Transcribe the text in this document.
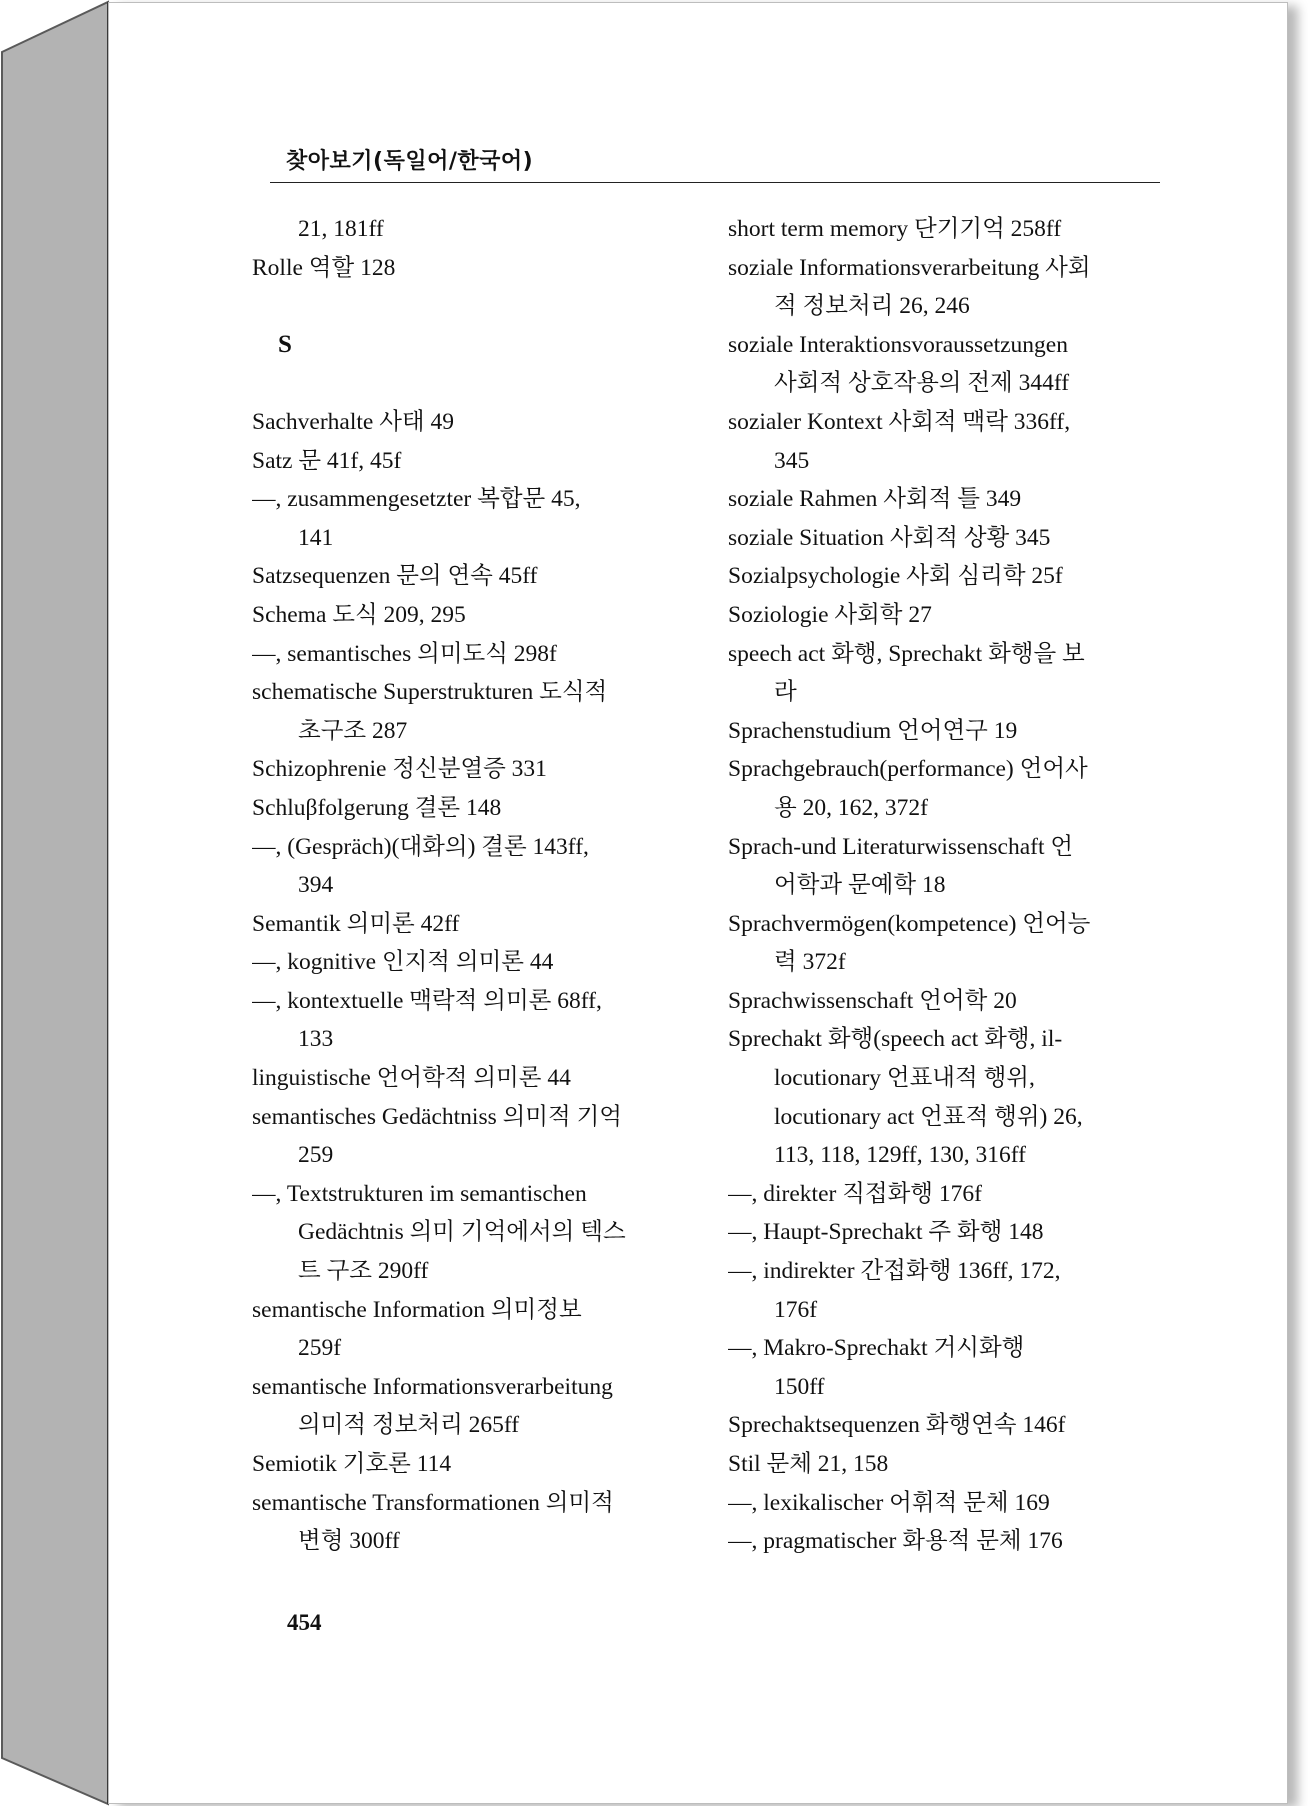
찾아보기(독일어/한국어)
21, 181ff
Rolle 역할 128
S
Sachverhalte 사태 49
Satz 문 41f, 45f
—, zusammengesetzter 복합문 45,
141
Satzsequenzen 문의 연속 45ff
Schema 도식 209, 295
—, semantisches 의미도식 298f
schematische Superstrukturen 도식적
초구조 287
Schizophrenie 정신분열증 331
Schluβfolgerung 결론 148
—, (Gespräch)(대화의) 결론 143ff,
394
Semantik 의미론 42ff
—, kognitive 인지적 의미론 44
—, kontextuelle 맥락적 의미론 68ff,
133
linguistische 언어학적 의미론 44
semantisches Gedächtniss 의미적 기억
259
—, Textstrukturen im semantischen
Gedächtnis 의미 기억에서의 텍스
트 구조 290ff
semantische Information 의미정보
259f
semantische Informationsverarbeitung
의미적 정보처리 265ff
Semiotik 기호론 114
semantische Transformationen 의미적
변형 300ff
short term memory 단기기억 258ff
soziale Informationsverarbeitung 사회
적 정보처리 26, 246
soziale Interaktionsvoraussetzungen
사회적 상호작용의 전제 344ff
sozialer Kontext 사회적 맥락 336ff,
345
soziale Rahmen 사회적 틀 349
soziale Situation 사회적 상황 345
Sozialpsychologie 사회 심리학 25f
Soziologie 사회학 27
speech act 화행, Sprechakt 화행을 보
라
Sprachenstudium 언어연구 19
Sprachgebrauch(performance) 언어사
용 20, 162, 372f
Sprach-und Literaturwissenschaft 언
어학과 문예학 18
Sprachvermögen(kompetence) 언어능
력 372f
Sprachwissenschaft 언어학 20
Sprechakt 화행(speech act 화행, il-
locutionary 언표내적 행위,
locutionary act 언표적 행위) 26,
113, 118, 129ff, 130, 316ff
—, direkter 직접화행 176f
—, Haupt-Sprechakt 주 화행 148
—, indirekter 간접화행 136ff, 172,
176f
—, Makro-Sprechakt 거시화행
150ff
Sprechaktsequenzen 화행연속 146f
Stil 문체 21, 158
—, lexikalischer 어휘적 문체 169
—, pragmatischer 화용적 문체 176
454
